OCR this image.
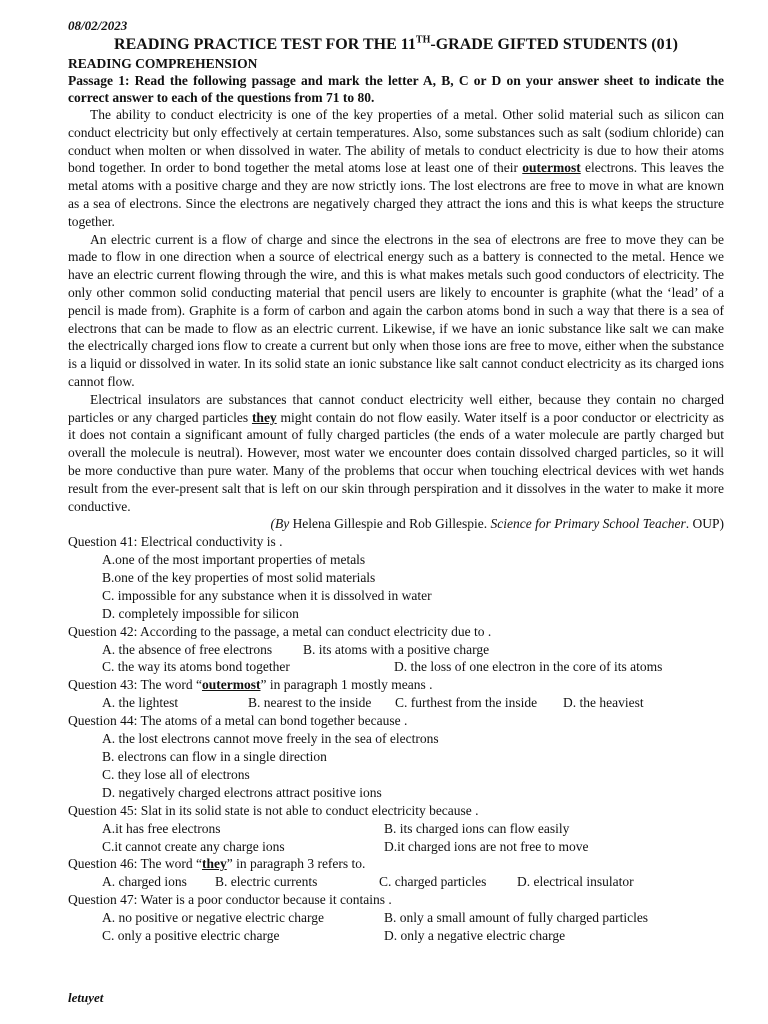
08/02/2023
READING PRACTICE TEST FOR THE 11TH-GRADE GIFTED STUDENTS (01)
READING COMPREHENSION
Passage 1: Read the following passage and mark the letter A, B, C or D on your answer sheet to indicate the correct answer to each of the questions from 71 to 80.

The ability to conduct electricity is one of the key properties of a metal. Other solid material such as silicon can conduct electricity but only effectively at certain temperatures. Also, some substances such as salt (sodium chloride) can conduct when molten or when dissolved in water. The ability of metals to conduct electricity is due to how their atoms bond together. In order to bond together the metal atoms lose at least one of their outermost electrons. This leaves the metal atoms with a positive charge and they are now strictly ions. The lost electrons are free to move in what are known as a sea of electrons. Since the electrons are negatively charged they attract the ions and this is what keeps the structure together.

An electric current is a flow of charge and since the electrons in the sea of electrons are free to move they can be made to flow in one direction when a source of electrical energy such as a battery is connected to the metal. Hence we have an electric current flowing through the wire, and this is what makes metals such good conductors of electricity. The only other common solid conducting material that pencil users are likely to encounter is graphite (what the ‘lead’ of a pencil is made from). Graphite is a form of carbon and again the carbon atoms bond in such a way that there is a sea of electrons that can be made to flow as an electric current. Likewise, if we have an ionic substance like salt we can make the electrically charged ions flow to create a current but only when those ions are free to move, either when the substance is a liquid or dissolved in water. In its solid state an ionic substance like salt cannot conduct electricity as its charged ions cannot flow.

Electrical insulators are substances that cannot conduct electricity well either, because they contain no charged particles or any charged particles they might contain do not flow easily. Water itself is a poor conductor or electricity as it does not contain a significant amount of fully charged particles (the ends of a water molecule are partly charged but overall the molecule is neutral). However, most water we encounter does contain dissolved charged particles, so it will be more conductive than pure water. Many of the problems that occur when touching electrical devices with wet hands result from the ever-present salt that is left on our skin through perspiration and it dissolves in the water to make it more conductive.

(By Helena Gillespie and Rob Gillespie. Science for Primary School Teacher. OUP)
Question 41: Electrical conductivity is .
A.one of the most important properties of metals
B.one of the key properties of most solid materials
C. impossible for any substance when it is dissolved in water
D. completely impossible for silicon
Question 42: According to the passage, a metal can conduct electricity due to .
A. the absence of free electrons	B. its atoms with a positive charge
C. the way its atoms bond together	D. the loss of one electron in the core of its atoms
Question 43: The word “outermost” in paragraph 1 mostly means .
A. the lightest	B. nearest to the inside	C. furthest from the inside	D. the heaviest
Question 44: The atoms of a metal can bond together because .
A. the lost electrons cannot move freely in the sea of electrons
B. electrons can flow in a single direction
C. they lose all of electrons
D. negatively charged electrons attract positive ions
Question 45: Slat in its solid state is not able to conduct electricity because .
A.it has free electrons	B. its charged ions can flow easily
C.it cannot create any charge ions	D.it charged ions are not free to move
Question 46: The word “they” in paragraph 3 refers to.
A. charged ions	B. electric currents	C. charged particles	D. electrical insulator
Question 47: Water is a poor conductor because it contains .
A. no positive or negative electric charge	B. only a small amount of fully charged particles
C. only a positive electric charge	D. only a negative electric charge
letuyet
